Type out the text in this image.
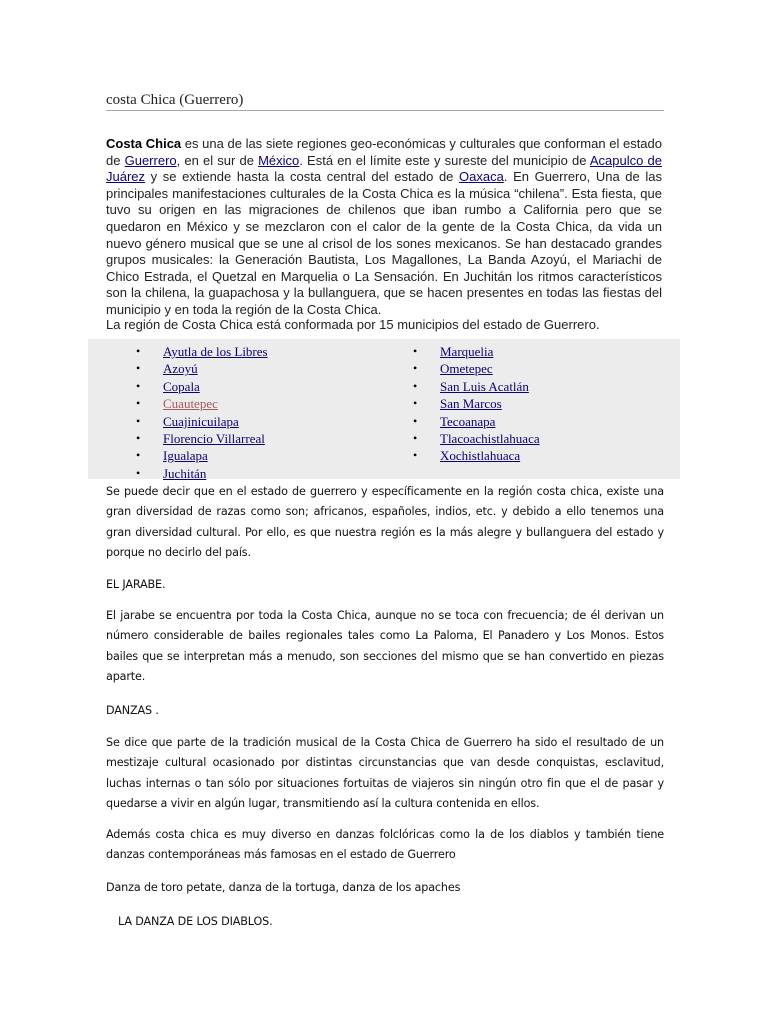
costa Chica (Guerrero)
Costa Chica es una de las siete regiones geo-económicas y culturales que conforman el estado de Guerrero, en el sur de México. Está en el límite este y sureste del municipio de Acapulco de Juárez y se extiende hasta la costa central del estado de Oaxaca. En Guerrero, Una de las principales manifestaciones culturales de la Costa Chica es la música “chilena”. Esta fiesta, que tuvo su origen en las migraciones de chilenos que iban rumbo a California pero que se quedaron en México y se mezclaron con el calor de la gente de la Costa Chica, da vida un nuevo género musical que se une al crisol de los sones mexicanos. Se han destacado grandes grupos musicales: la Generación Bautista, Los Magallones, La Banda Azoyú, el Mariachi de Chico Estrada, el Quetzal en Marquelia o La Sensación. En Juchitán los ritmos característicos son la chilena, la guapachosa y la bullanguera, que se hacen presentes en todas las fiestas del municipio y en toda la región de la Costa Chica.
La región de Costa Chica está conformada por 15 municipios del estado de Guerrero.
• Ayutla de los Libres
• Azoyú
• Copala
• Cuautepec
• Cuajinicuilapa
• Florencio Villarreal
• Igualapa
• Juchitán
• Marquelia
• Ometepec
• San Luis Acatlán
• San Marcos
• Tecoanapa
• Tlacoachistlahuaca
• Xochistlahuaca
Se puede decir que en el estado de guerrero y específicamente en la región costa chica, existe una gran diversidad de razas como son; africanos, españoles, indios, etc. y debido a ello tenemos una gran diversidad cultural. Por ello, es que nuestra región es la más alegre y bullanguera del estado y porque no decirlo del país.
EL JARABE.
El jarabe se encuentra por toda la Costa Chica, aunque no se toca con frecuencia; de él derivan un número considerable de bailes regionales tales como La Paloma, El Panadero y Los Monos. Estos bailes que se interpretan más a menudo, son secciones del mismo que se han convertido en piezas aparte.
DANZAS .
Se dice que parte de la tradición musical de la Costa Chica de Guerrero ha sido el resultado de un mestizaje cultural ocasionado por distintas circunstancias que van desde conquistas, esclavitud, luchas internas o tan sólo por situaciones fortuitas de viajeros sin ningún otro fin que el de pasar y quedarse a vivir en algún lugar, transmitiendo así la cultura contenida en ellos.
Además costa chica es muy diverso en danzas folclóricas como la de los diablos y también tiene danzas contemporáneas más famosas en el estado de Guerrero
Danza de toro petate, danza de la tortuga, danza de los apaches
LA DANZA DE LOS DIABLOS.
